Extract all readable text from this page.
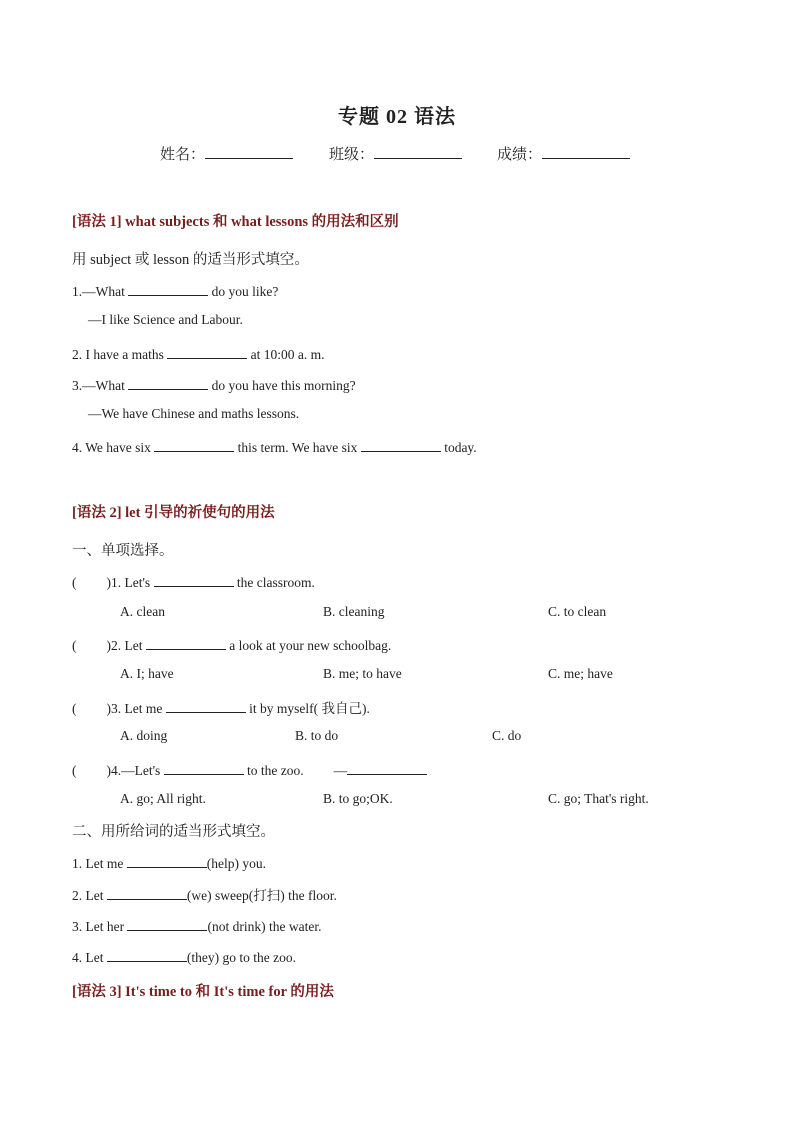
专题 02 语法
姓名：	班级：	成绩：
[语法 1] what subjects 和 what lessons 的用法和区别
用 subject 或 lesson 的适当形式填空。
1.—What	do you like?
—I like Science and Labour.
2. I have a maths	at 10:00 a. m.
3.—What	do you have this morning?
—We have Chinese and maths lessons.
4. We have six	this term. We have six	today.
[语法 2] let 引导的祈使句的用法
一、单项选择。
( )1. Let's	the classroom.
A. clean	B. cleaning	C. to clean
( )2. Let	a look at your new schoolbag.
A. I; have	B. me; to have	C. me; have
( )3. Let me	it by myself( 我自己).
A. doing	B. to do	C. do
( )4.—Let's	to the zoo. —
A. go; All right.	B. to go;OK.	C. go; That's right.
二、用所给词的适当形式填空。
1. Let me	(help) you.
2. Let	(we) sweep(打扫) the floor.
3. Let her	(not drink) the water.
4. Let	(they) go to the zoo.
[语法 3] It's time to 和 It's time for 的用法
